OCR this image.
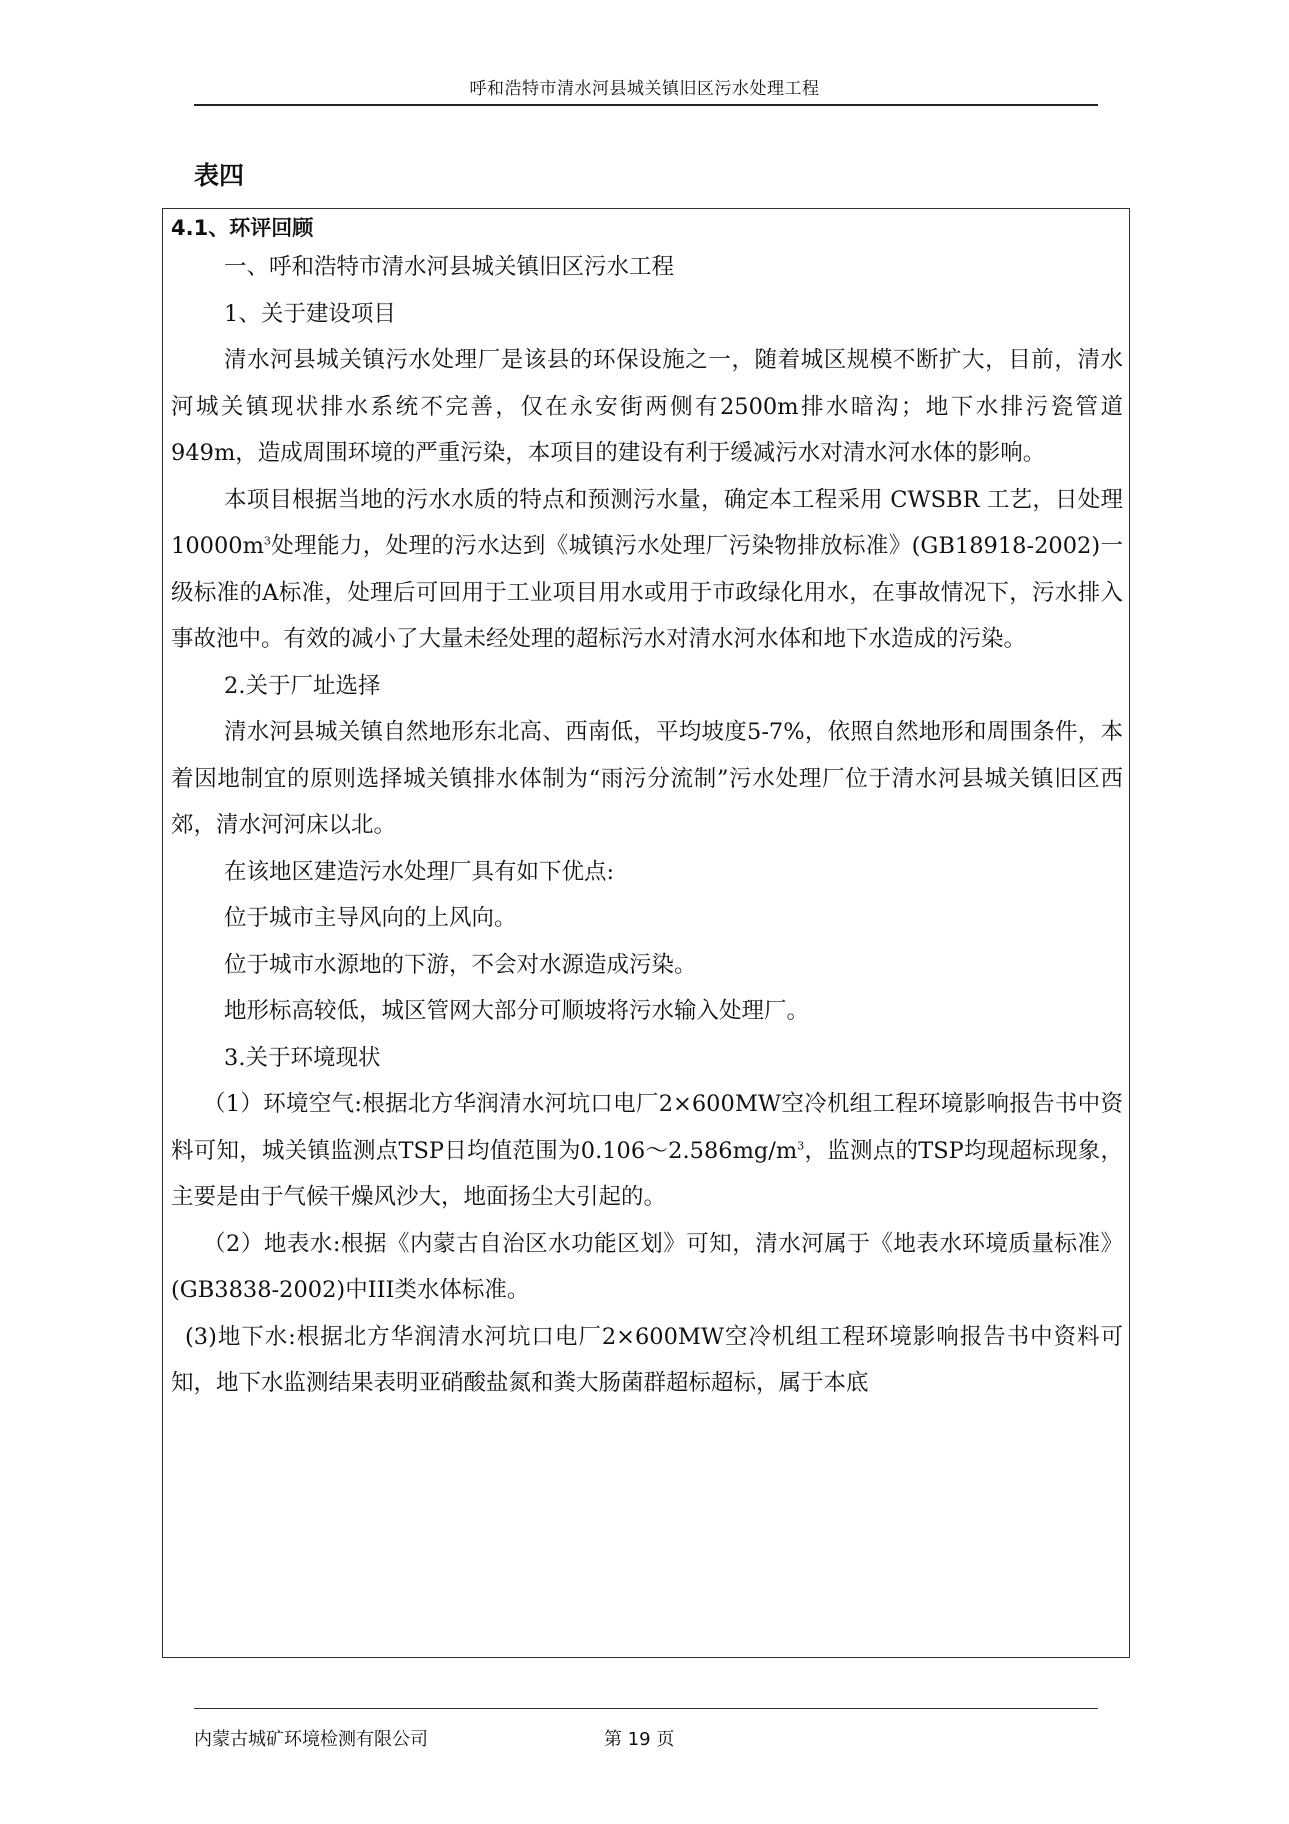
呼和浩特市清水河县城关镇旧区污水处理工程
表四
4.1、环评回顾

一、呼和浩特市清水河县城关镇旧区污水工程

1、关于建设项目

清水河县城关镇污水处理厂是该县的环保设施之一，随着城区规模不断扩大，目前，清水河城关镇现状排水系统不完善，仅在永安街两侧有2500m排水暗沟；地下水排污瓷管道949m，造成周围环境的严重污染，本项目的建设有利于缓减污水对清水河水体的影响。

本项目根据当地的污水水质的特点和预测污水量，确定本工程采用 CWSBR 工艺，日处理 $10000m^3$处理能力，处理的污水达到《城镇污水处理厂污染物排放标准》(GB18918-2002)一级标准的A标准，处理后可回用于工业项目用水或用于市政绿化用水，在事故情况下，污水排入事故池中。有效的减小了大量未经处理的超标污水对清水河水体和地下水造成的污染。

2.关于厂址选择

清水河县城关镇自然地形东北高、西南低，平均坡度5-7%，依照自然地形和周围条件，本着因地制宜的原则选择城关镇排水体制为“雨污分流制”污水处理厂位于清水河县城关镇旧区西郊，清水河河床以北。

在该地区建造污水处理厂具有如下优点:

位于城市主导风向的上风向。

位于城市水源地的下游，不会对水源造成污染。

地形标高较低，城区管网大部分可顺坡将污水输入处理厂。

3.关于环境现状

（1）环境空气:根据北方华润清水河坑口电厂2×600MW空冷机组工程环境影响报告书中资料可知，城关镇监测点TSP日均值范围为$0.106\sim 2.586mg/m^3$，监测点的TSP均现超标现象，主要是由于气候干燥风沙大，地面扬尘大引起的。

（2）地表水:根据《内蒙古自治区水功能区划》可知，清水河属于《地表水环境质量标准》(GB3838-2002)中III类水体标准。

(3)地下水:根据北方华润清水河坑口电厂2×600MW空冷机组工程环境影响报告书中资料可知，地下水监测结果表明亚硝酸盐氮和粪大肠菌群超标超标，属于本底

内蒙古城矿环境检测有限公司	第 19 页
